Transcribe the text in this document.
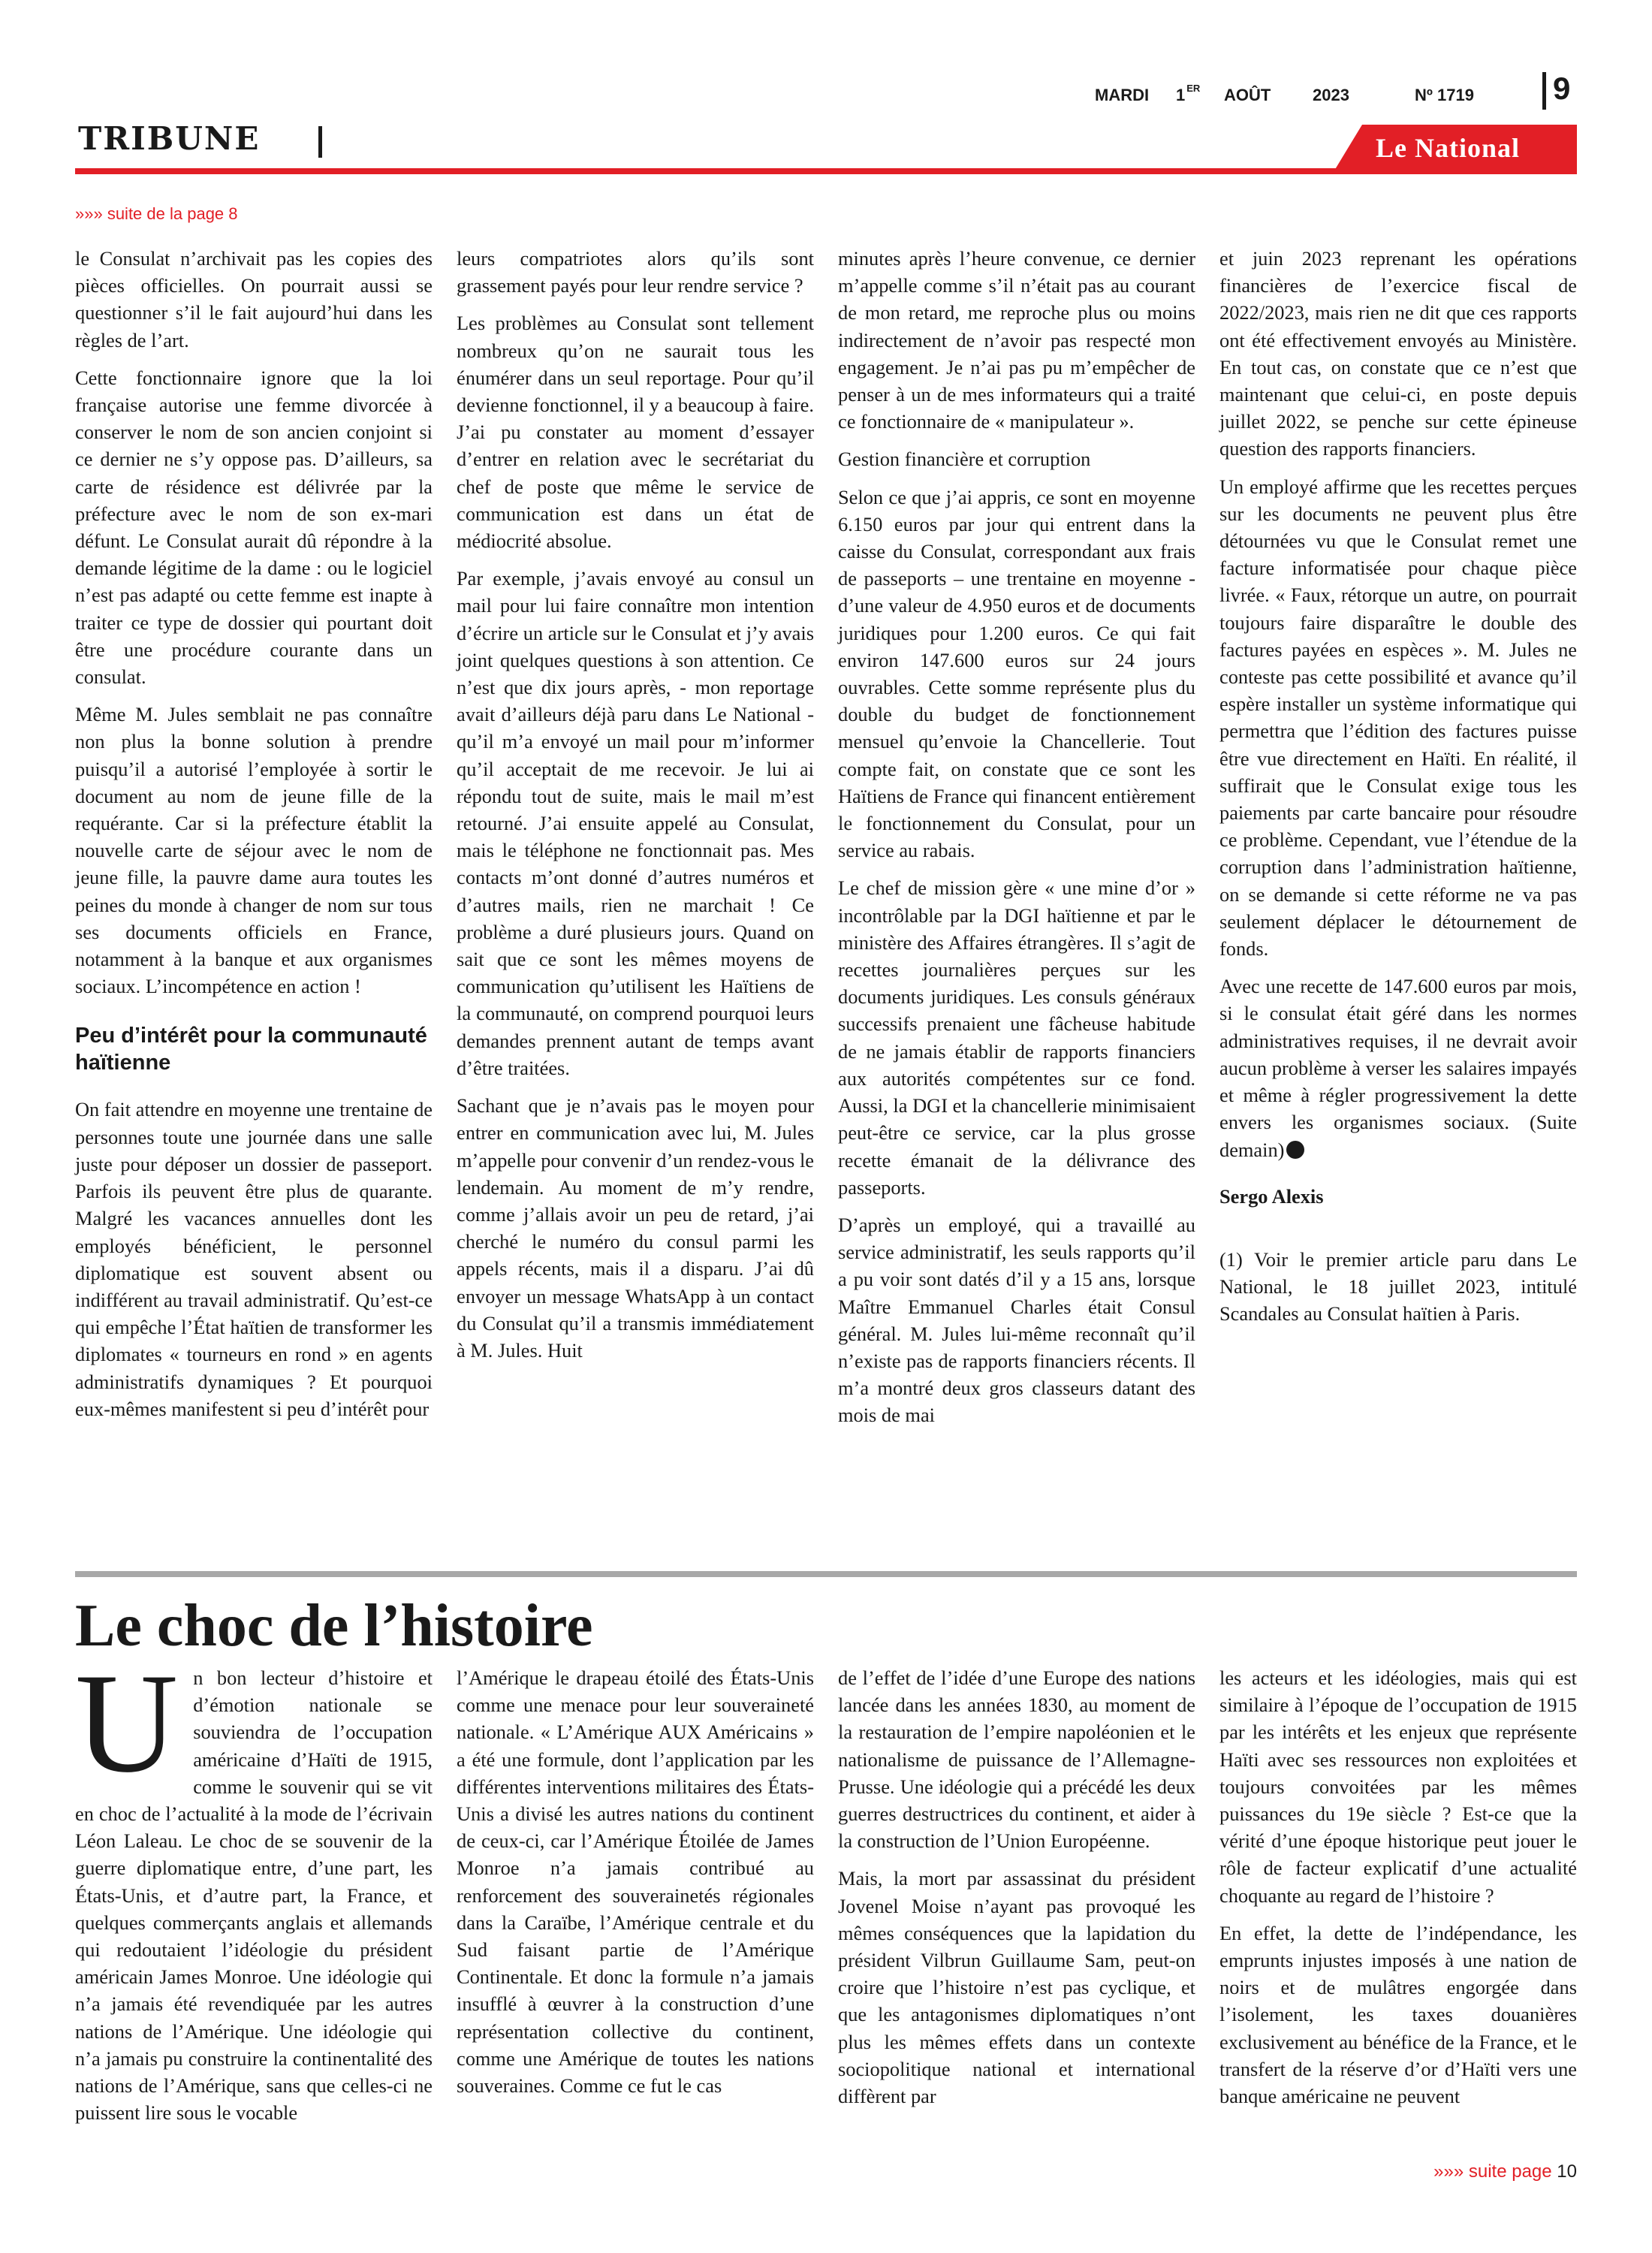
MARDI 1 $^{ER}$ AOÛT	2023	Nº 1719	9
TRIBUNE	Le National
»»» suite de la page 8

le Consulat n’archivait pas les copies des pièces officielles. On pourrait aussi se questionner s’il le fait aujourd’hui dans les règles de l’art.

Cette fonctionnaire ignore que la loi française autorise une femme divorcée à conserver le nom de son ancien conjoint si ce dernier ne s’y oppose pas. D’ailleurs, sa carte de résidence est délivrée par la préfecture avec le nom de son ex-mari défunt. Le Consulat aurait dû répondre à la demande légitime de la dame : ou le logiciel n’est pas adapté ou cette femme est inapte à traiter ce type de dossier qui pourtant doit être une procédure courante dans un consulat.

Même M. Jules semblait ne pas connaître non plus la bonne solution à prendre puisqu’il a autorisé l’employée à sortir le document au nom de jeune fille de la requérante. Car si la préfecture établit la nouvelle carte de séjour avec le nom de jeune fille, la pauvre dame aura toutes les peines du monde à changer de nom sur tous ses documents officiels en France, notamment à la banque et aux organismes sociaux. L’incompétence en action !

Peu d’intérêt pour la communauté haïtienne

On fait attendre en moyenne une trentaine de personnes toute une journée dans une salle juste pour déposer un dossier de passeport. Parfois ils peuvent être plus de quarante. Malgré les vacances annuelles dont les employés bénéficient, le personnel diplomatique est souvent absent ou indifférent au travail administratif. Qu’est-ce qui empêche l’État haïtien de transformer les diplomates « tourneurs en rond » en agents administratifs dynamiques ? Et pourquoi eux-mêmes manifestent si peu d’intérêt pour

leurs compatriotes alors qu’ils sont grassement payés pour leur rendre service ?

Les problèmes au Consulat sont tellement nombreux qu’on ne saurait tous les énumérer dans un seul reportage. Pour qu’il devienne fonctionnel, il y a beaucoup à faire. J’ai pu constater au moment d’essayer d’entrer en relation avec le secrétariat du chef de poste que même le service de communication est dans un état de médiocrité absolue.

Par exemple, j’avais envoyé au consul un mail pour lui faire connaître mon intention d’écrire un article sur le Consulat et j’y avais joint quelques questions à son attention. Ce n’est que dix jours après, - mon reportage avait d’ailleurs déjà paru dans Le National - qu’il m’a envoyé un mail pour m’informer qu’il acceptait de me recevoir. Je lui ai répondu tout de suite, mais le mail m’est retourné. J’ai ensuite appelé au Consulat, mais le téléphone ne fonctionnait pas. Mes contacts m’ont donné d’autres numéros et d’autres mails, rien ne marchait ! Ce problème a duré plusieurs jours. Quand on sait que ce sont les mêmes moyens de communication qu’utilisent les Haïtiens de la communauté, on comprend pourquoi leurs demandes prennent autant de temps avant d’être traitées.

Sachant que je n’avais pas le moyen pour entrer en communication avec lui, M. Jules m’appelle pour convenir d’un rendez-vous le lendemain. Au moment de m’y rendre, comme j’allais avoir un peu de retard, j’ai cherché le numéro du consul parmi les appels récents, mais il a disparu. J’ai dû envoyer un message WhatsApp à un contact du Consulat qu’il a transmis immédiatement à M. Jules. Huit

minutes après l’heure convenue, ce dernier m’appelle comme s’il n’était pas au courant de mon retard, me reproche plus ou moins indirectement de n’avoir pas respecté mon engagement. Je n’ai pas pu m’empêcher de penser à un de mes informateurs qui a traité ce fonctionnaire de « manipulateur ».

Gestion financière et corruption

Selon ce que j’ai appris, ce sont en moyenne 6.150 euros par jour qui entrent dans la caisse du Consulat, correspondant aux frais de passeports – une trentaine en moyenne - d’une valeur de 4.950 euros et de documents juridiques pour 1.200 euros. Ce qui fait environ 147.600 euros sur 24 jours ouvrables. Cette somme représente plus du double du budget de fonctionnement mensuel qu’envoie la Chancellerie. Tout compte fait, on constate que ce sont les Haïtiens de France qui financent entièrement le fonctionnement du Consulat, pour un service au rabais.

Le chef de mission gère « une mine d’or » incontrôlable par la DGI haïtienne et par le ministère des Affaires étrangères. Il s’agit de recettes journalières perçues sur les documents juridiques. Les consuls généraux successifs prenaient une fâcheuse habitude de ne jamais établir de rapports financiers aux autorités compétentes sur ce fond. Aussi, la DGI et la chancellerie minimisaient peut-être ce service, car la plus grosse recette émanait de la délivrance des passeports.

D’après un employé, qui a travaillé au service administratif, les seuls rapports qu’il a pu voir sont datés d’il y a 15 ans, lorsque Maître Emmanuel Charles était Consul général. M. Jules lui-même reconnaît qu’il n’existe pas de rapports financiers récents. Il m’a montré deux gros classeurs datant des mois de mai

et juin 2023 reprenant les opérations financières de l’exercice fiscal de 2022/2023, mais rien ne dit que ces rapports ont été effectivement envoyés au Ministère. En tout cas, on constate que ce n’est que maintenant que celui-ci, en poste depuis juillet 2022, se penche sur cette épineuse question des rapports financiers.

Un employé affirme que les recettes perçues sur les documents ne peuvent plus être détournées vu que le Consulat remet une facture informatisée pour chaque pièce livrée. « Faux, rétorque un autre, on pourrait toujours faire disparaître le double des factures payées en espèces ». M. Jules ne conteste pas cette possibilité et avance qu’il espère installer un système informatique qui permettra que l’édition des factures puisse être vue directement en Haïti. En réalité, il suffirait que le Consulat exige tous les paiements par carte bancaire pour résoudre ce problème. Cependant, vue l’étendue de la corruption dans l’administration haïtienne, on se demande si cette réforme ne va pas seulement déplacer le détournement de fonds.

Avec une recette de 147.600 euros par mois, si le consulat était géré dans les normes administratives requises, il ne devrait avoir aucun problème à verser les salaires impayés et même à régler progressivement la dette envers les organismes sociaux. (Suite demain)

Sergo Alexis

(1) Voir le premier article paru dans Le National, le 18 juillet 2023, intitulé Scandales au Consulat haïtien à Paris.

Le choc de l’histoire

Un bon lecteur d’histoire et d’émotion nationale se souviendra de l’occupation américaine d’Haïti de 1915, comme le souvenir qui se vit en choc de l’actualité à la mode de l’écrivain Léon Laleau. Le choc de se souvenir de la guerre diplomatique entre, d’une part, les États-Unis, et d’autre part, la France, et quelques commerçants anglais et allemands qui redoutaient l’idéologie du président américain James Monroe. Une idéologie qui n’a jamais été revendiquée par les autres nations de l’Amérique. Une idéologie qui n’a jamais pu construire la continentalité des nations de l’Amérique, sans que celles-ci ne puissent lire sous le vocable

l’Amérique le drapeau étoilé des États-Unis comme une menace pour leur souveraineté nationale. « L’Amérique AUX Américains » a été une formule, dont l’application par les différentes interventions militaires des États-Unis a divisé les autres nations du continent de ceux-ci, car l’Amérique Étoilée de James Monroe n’a jamais contribué au renforcement des souverainetés régionales dans la Caraïbe, l’Amérique centrale et du Sud faisant partie de l’Amérique Continentale. Et donc la formule n’a jamais insufflé à œuvrer à la construction d’une représentation collective du continent, comme une Amérique de toutes les nations souveraines. Comme ce fut le cas

de l’effet de l’idée d’une Europe des nations lancée dans les années 1830, au moment de la restauration de l’empire napoléonien et le nationalisme de puissance de l’Allemagne-Prusse. Une idéologie qui a précédé les deux guerres destructrices du continent, et aider à la construction de l’Union Européenne.

Mais, la mort par assassinat du président Jovenel Moise n’ayant pas provoqué les mêmes conséquences que la lapidation du président Vilbrun Guillaume Sam, peut-on croire que l’histoire n’est pas cyclique, et que les antagonismes diplomatiques n’ont plus les mêmes effets dans un contexte sociopolitique national et international diffèrent par

les acteurs et les idéologies, mais qui est similaire à l’époque de l’occupation de 1915 par les intérêts et les enjeux que représente Haïti avec ses ressources non exploitées et toujours convoitées par les mêmes puissances du 19e siècle ? Est-ce que la vérité d’une époque historique peut jouer le rôle de facteur explicatif d’une actualité choquante au regard de l’histoire ?

En effet, la dette de l’indépendance, les emprunts injustes imposés à une nation de noirs et de mulâtres engorgée dans l’isolement, les taxes douanières exclusivement au bénéfice de la France, et le transfert de la réserve d’or d’Haïti vers une banque américaine ne peuvent

»»» suite page 10
